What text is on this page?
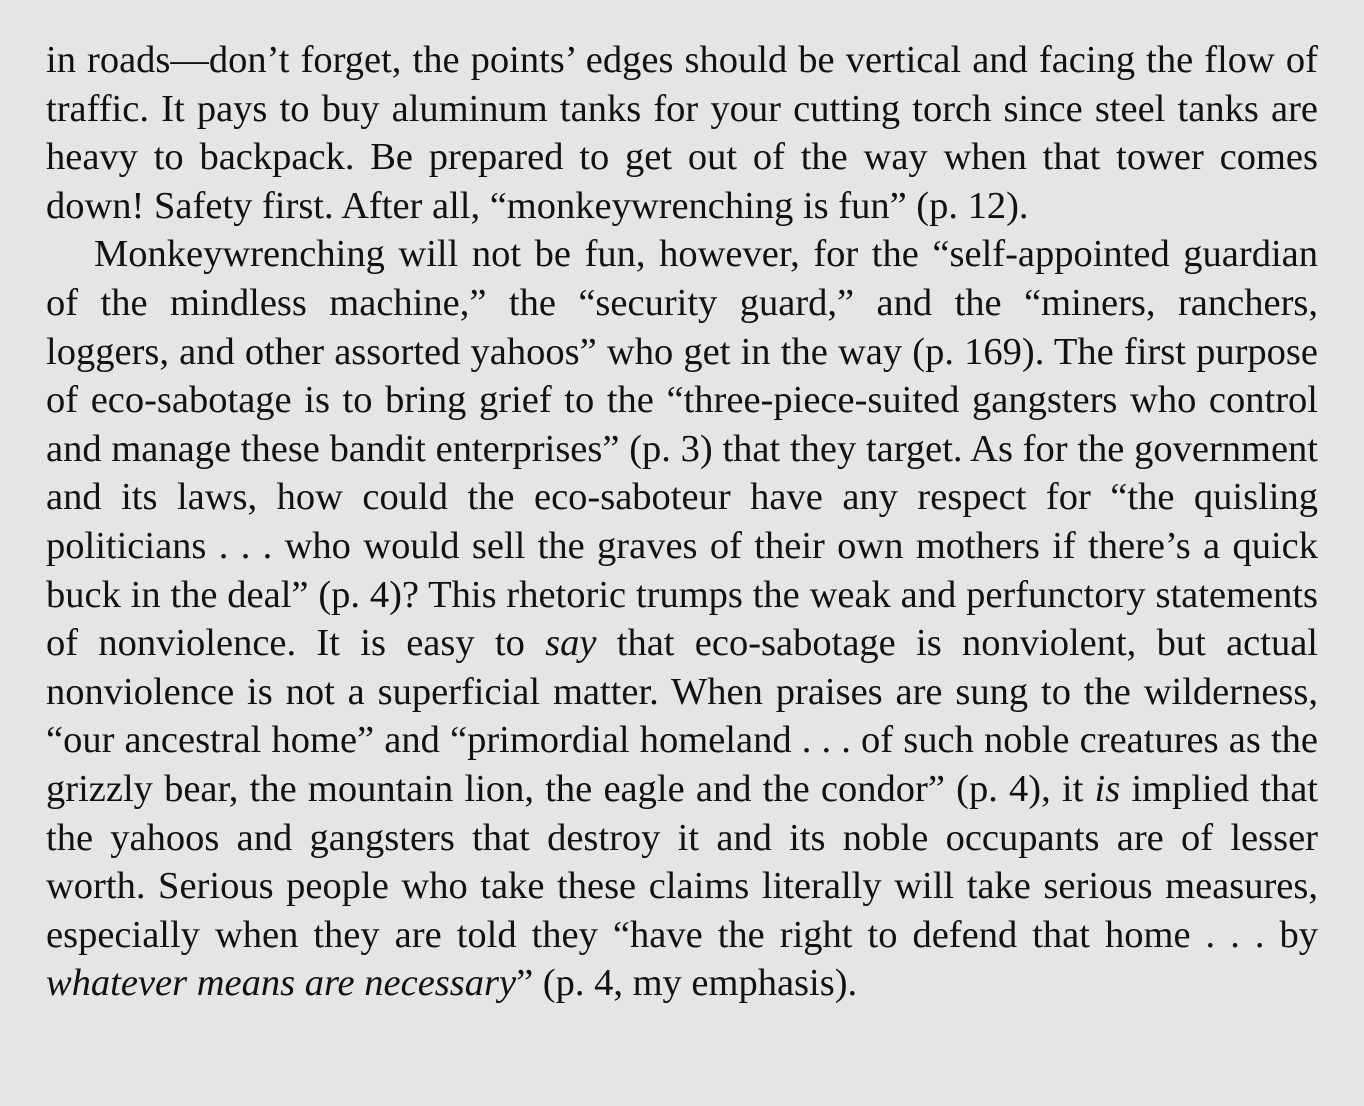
in roads—don’t forget, the points’ edges should be vertical and facing the flow of traffic. It pays to buy aluminum tanks for your cutting torch since steel tanks are heavy to backpack. Be prepared to get out of the way when that tower comes down! Safety first. After all, “monkeywrenching is fun” (p. 12).

Monkeywrenching will not be fun, however, for the “self-appointed guardian of the mindless machine,” the “security guard,” and the “miners, ranchers, loggers, and other assorted yahoos” who get in the way (p. 169). The first purpose of eco-sabotage is to bring grief to the “three-piece-suited gangsters who control and manage these bandit enterprises” (p. 3) that they target. As for the government and its laws, how could the eco-saboteur have any respect for “the quisling politicians . . . who would sell the graves of their own mothers if there’s a quick buck in the deal” (p. 4)? This rhetoric trumps the weak and perfunctory statements of nonviolence. It is easy to say that eco-sabotage is nonviolent, but actual nonviolence is not a superficial matter. When praises are sung to the wilderness, “our ancestral home” and “primordial homeland . . . of such noble creatures as the grizzly bear, the mountain lion, the eagle and the condor” (p. 4), it is implied that the yahoos and gangsters that destroy it and its noble occupants are of lesser worth. Serious people who take these claims literally will take serious measures, especially when they are told they “have the right to defend that home . . . by whatever means are necessary” (p. 4, my emphasis).
